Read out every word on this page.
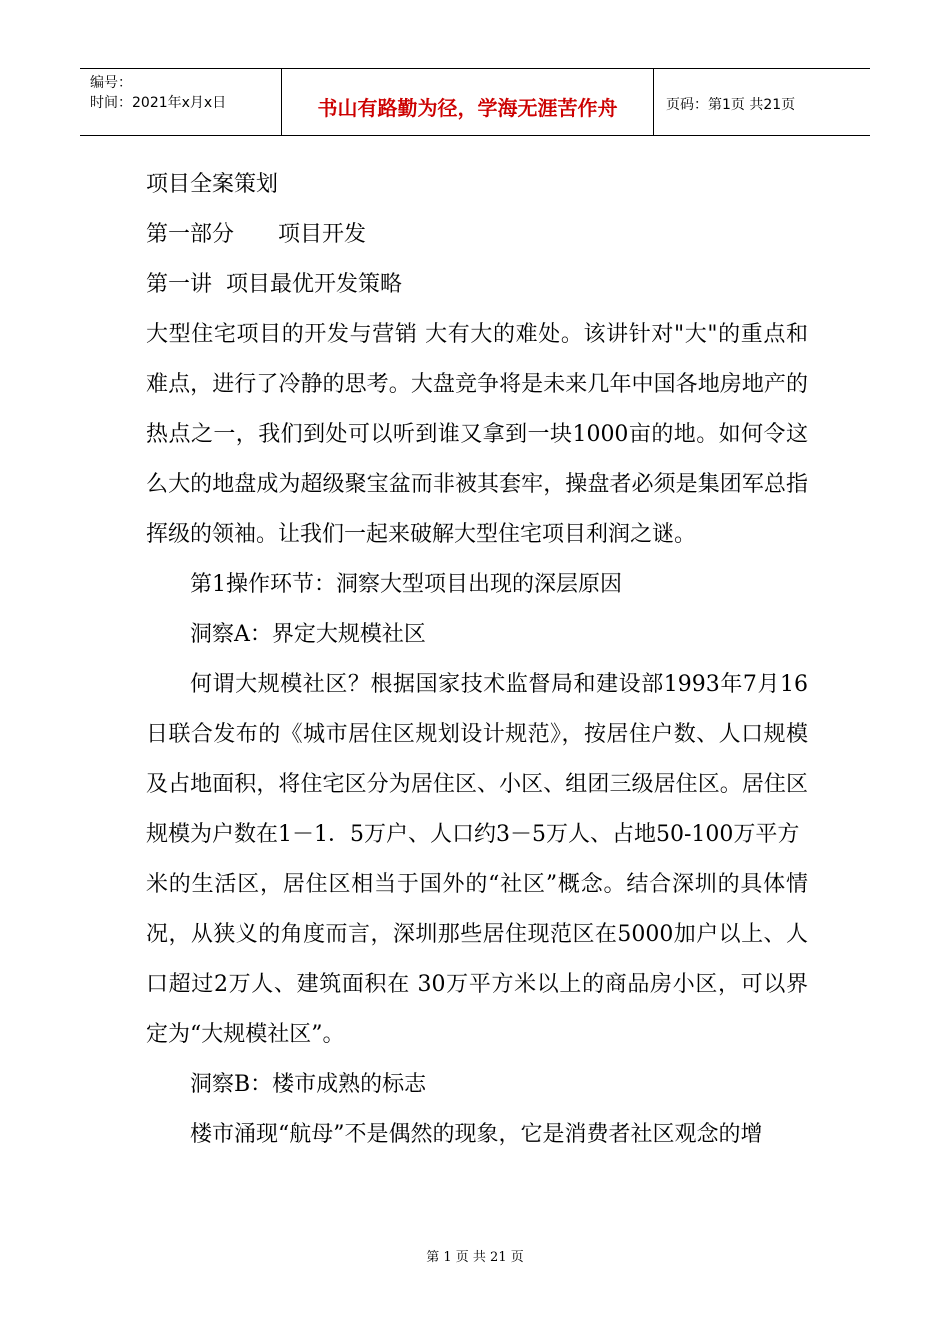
编号：
时间：2021年x月x日	书山有路勤为径，学海无涯苦作舟	页码：第1页 共21页

项目全案策划

第一部分　　项目开发

第一讲  项目最优开发策略

大型住宅项目的开发与营销 大有大的难处。该讲针对"大"的重点和难点，进行了冷静的思考。大盘竞争将是未来几年中国各地房地产的热点之一，我们到处可以听到谁又拿到一块1000亩的地。如何令这么大的地盘成为超级聚宝盆而非被其套牢，操盘者必须是集团军总指挥级的领袖。让我们一起来破解大型住宅项目利润之谜。

第1操作环节：洞察大型项目出现的深层原因

洞察A：界定大规模社区

何谓大规模社区？根据国家技术监督局和建设部1993年7月16日联合发布的《城市居住区规划设计规范》，按居住户数、人口规模及占地面积，将住宅区分为居住区、小区、组团三级居住区。居住区规模为户数在1－1．5万户、人口约3－5万人、占地50-100万平方

米的生活区，居住区相当于国外的“社区”概念。结合深圳的具体情况，从狭义的角度而言，深圳那些居住现范区在5000加户以上、人口超过2万人、建筑面积在 30万平方米以上的商品房小区，可以界定为“大规模社区”。

洞察B：楼市成熟的标志

楼市涌现“航母”不是偶然的现象，它是消费者社区观念的增

第 1 页 共 21 页
